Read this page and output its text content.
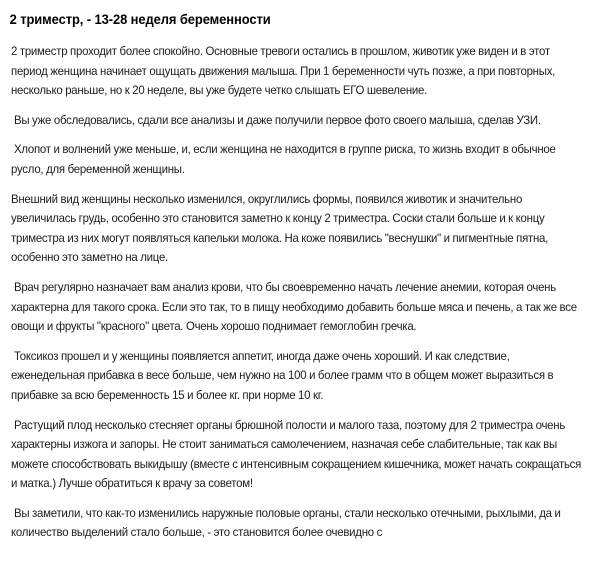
2 триместр, - 13-28 неделя беременности

2 триместр проходит более спокойно. Основные тревоги остались в прошлом, животик уже виден и в этот период женщина начинает ощущать движения малыша. При 1 беременности чуть позже, а при повторных, несколько раньше, но к 20 неделе, вы уже будете четко слышать ЕГО шевеление.

Вы уже обследовались, сдали все анализы и даже получили первое фото своего малыша, сделав УЗИ.

Хлопот и волнений уже меньше, и, если женщина не находится в группе риска, то жизнь входит в обычное русло, для беременной женщины.

Внешний вид женщины несколько изменился, округлились формы, появился животик и значительно увеличилась грудь, особенно это становится заметно к концу 2 триместра. Соски стали больше и к концу триместра из них могут появляться капельки молока. На коже появились "веснушки" и пигментные пятна, особенно это заметно на лице.

Врач регулярно назначает вам анализ крови, что бы своевременно начать лечение анемии, которая очень характерна для такого срока. Если это так, то в пищу необходимо добавить больше мяса и печень, а так же все овощи и фрукты "красного" цвета. Очень хорошо поднимает гемоглобин гречка.

Токсикоз прошел и у женщины появляется аппетит, иногда даже очень хороший. И как следствие, еженедельная прибавка в весе больше, чем нужно на 100 и более грамм что в общем может выразиться в прибавке за всю беременность 15 и более кг. при норме 10 кг.

Растущий плод несколько стесняет органы брюшной полости и малого таза, поэтому для 2 триместра очень характерны изжога и запоры. Не стоит заниматься самолечением, назначая себе слабительные, так как вы можете способствовать выкидышу (вместе с интенсивным сокращением кишечника, может начать сокращаться и матка.) Лучше обратиться к врачу за советом!

Вы заметили, что как-то изменились наружные половые органы, стали несколько отечными, рыхлыми, да и количество выделений стало больше, - это становится более очевидно с
